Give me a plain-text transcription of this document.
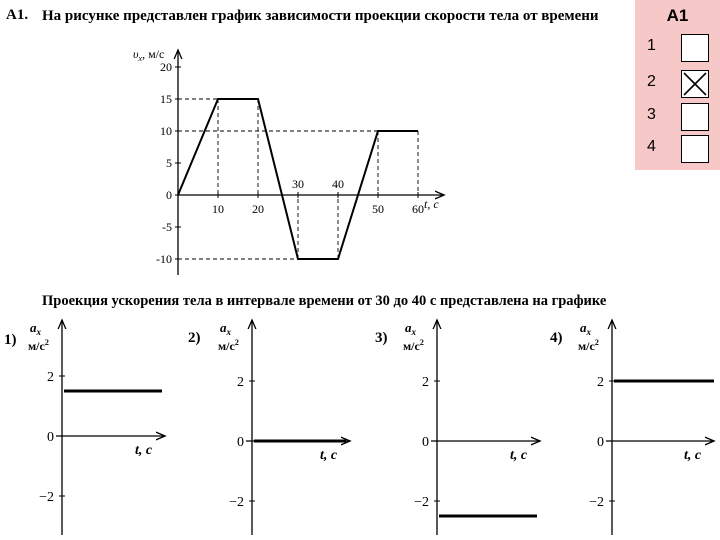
А1. На рисунке представлен график зависимости проекции скорости тела от времени	А1
1
2
3
4
20
15
10
5
0
-5
-10
10 20	50 60
30 40
$\upsilon_x$, м/с
t, c
Проекция ускорения тела в интервале времени от 30 до 40 с представлена на графике
1)
$a_x$
$м/с^2$
2
0
−2
t, c
2)
$a_x$
$м/с^2$
2
0
−2
t, c
3)
$a_x$
$м/с^2$
2
0
−2
t, c
4)
$a_x$
$м/с^2$
2
0
−2
t, c
